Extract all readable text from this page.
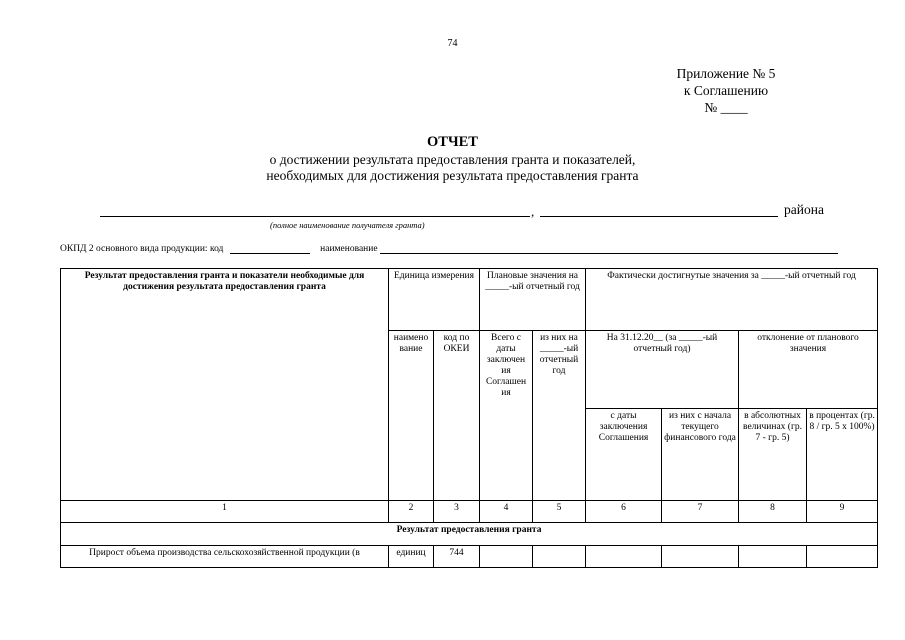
74
Приложение № 5
к Соглашению
№ ____
ОТЧЕТ
о достижении результата предоставления гранта и показателей,
необходимых для достижения результата предоставления гранта
,	района
(полное наименование получателя гранта)
ОКПД 2 основного вида продукции: код	наименование
Результат предоставления гранта и показатели необходимые для достижения результата предоставления гранта	Единица измерения		Плановые значения на _____-ый отчетный год		Фактически достигнутые значения за _____-ый отчетный год			
	наимено вание	код по ОКЕИ	Всего с даты заключен ия Соглашен ия	из них на _____-ый отчетный год	На 31.12.20__ (за _____-ый отчетный год)		отклонение от планового значения	
					с даты заключения Соглашения	из них с начала текущего финансового года	в абсолютных величинах (гр. 7 - гр. 5)	в процентах (гр. 8 / гр. 5 x 100%)
1	2	3	4	5	6	7	8	9
Результат предоставления гранта								
Прирост объема производства сельскохозяйственной продукции (в	единиц	744						
